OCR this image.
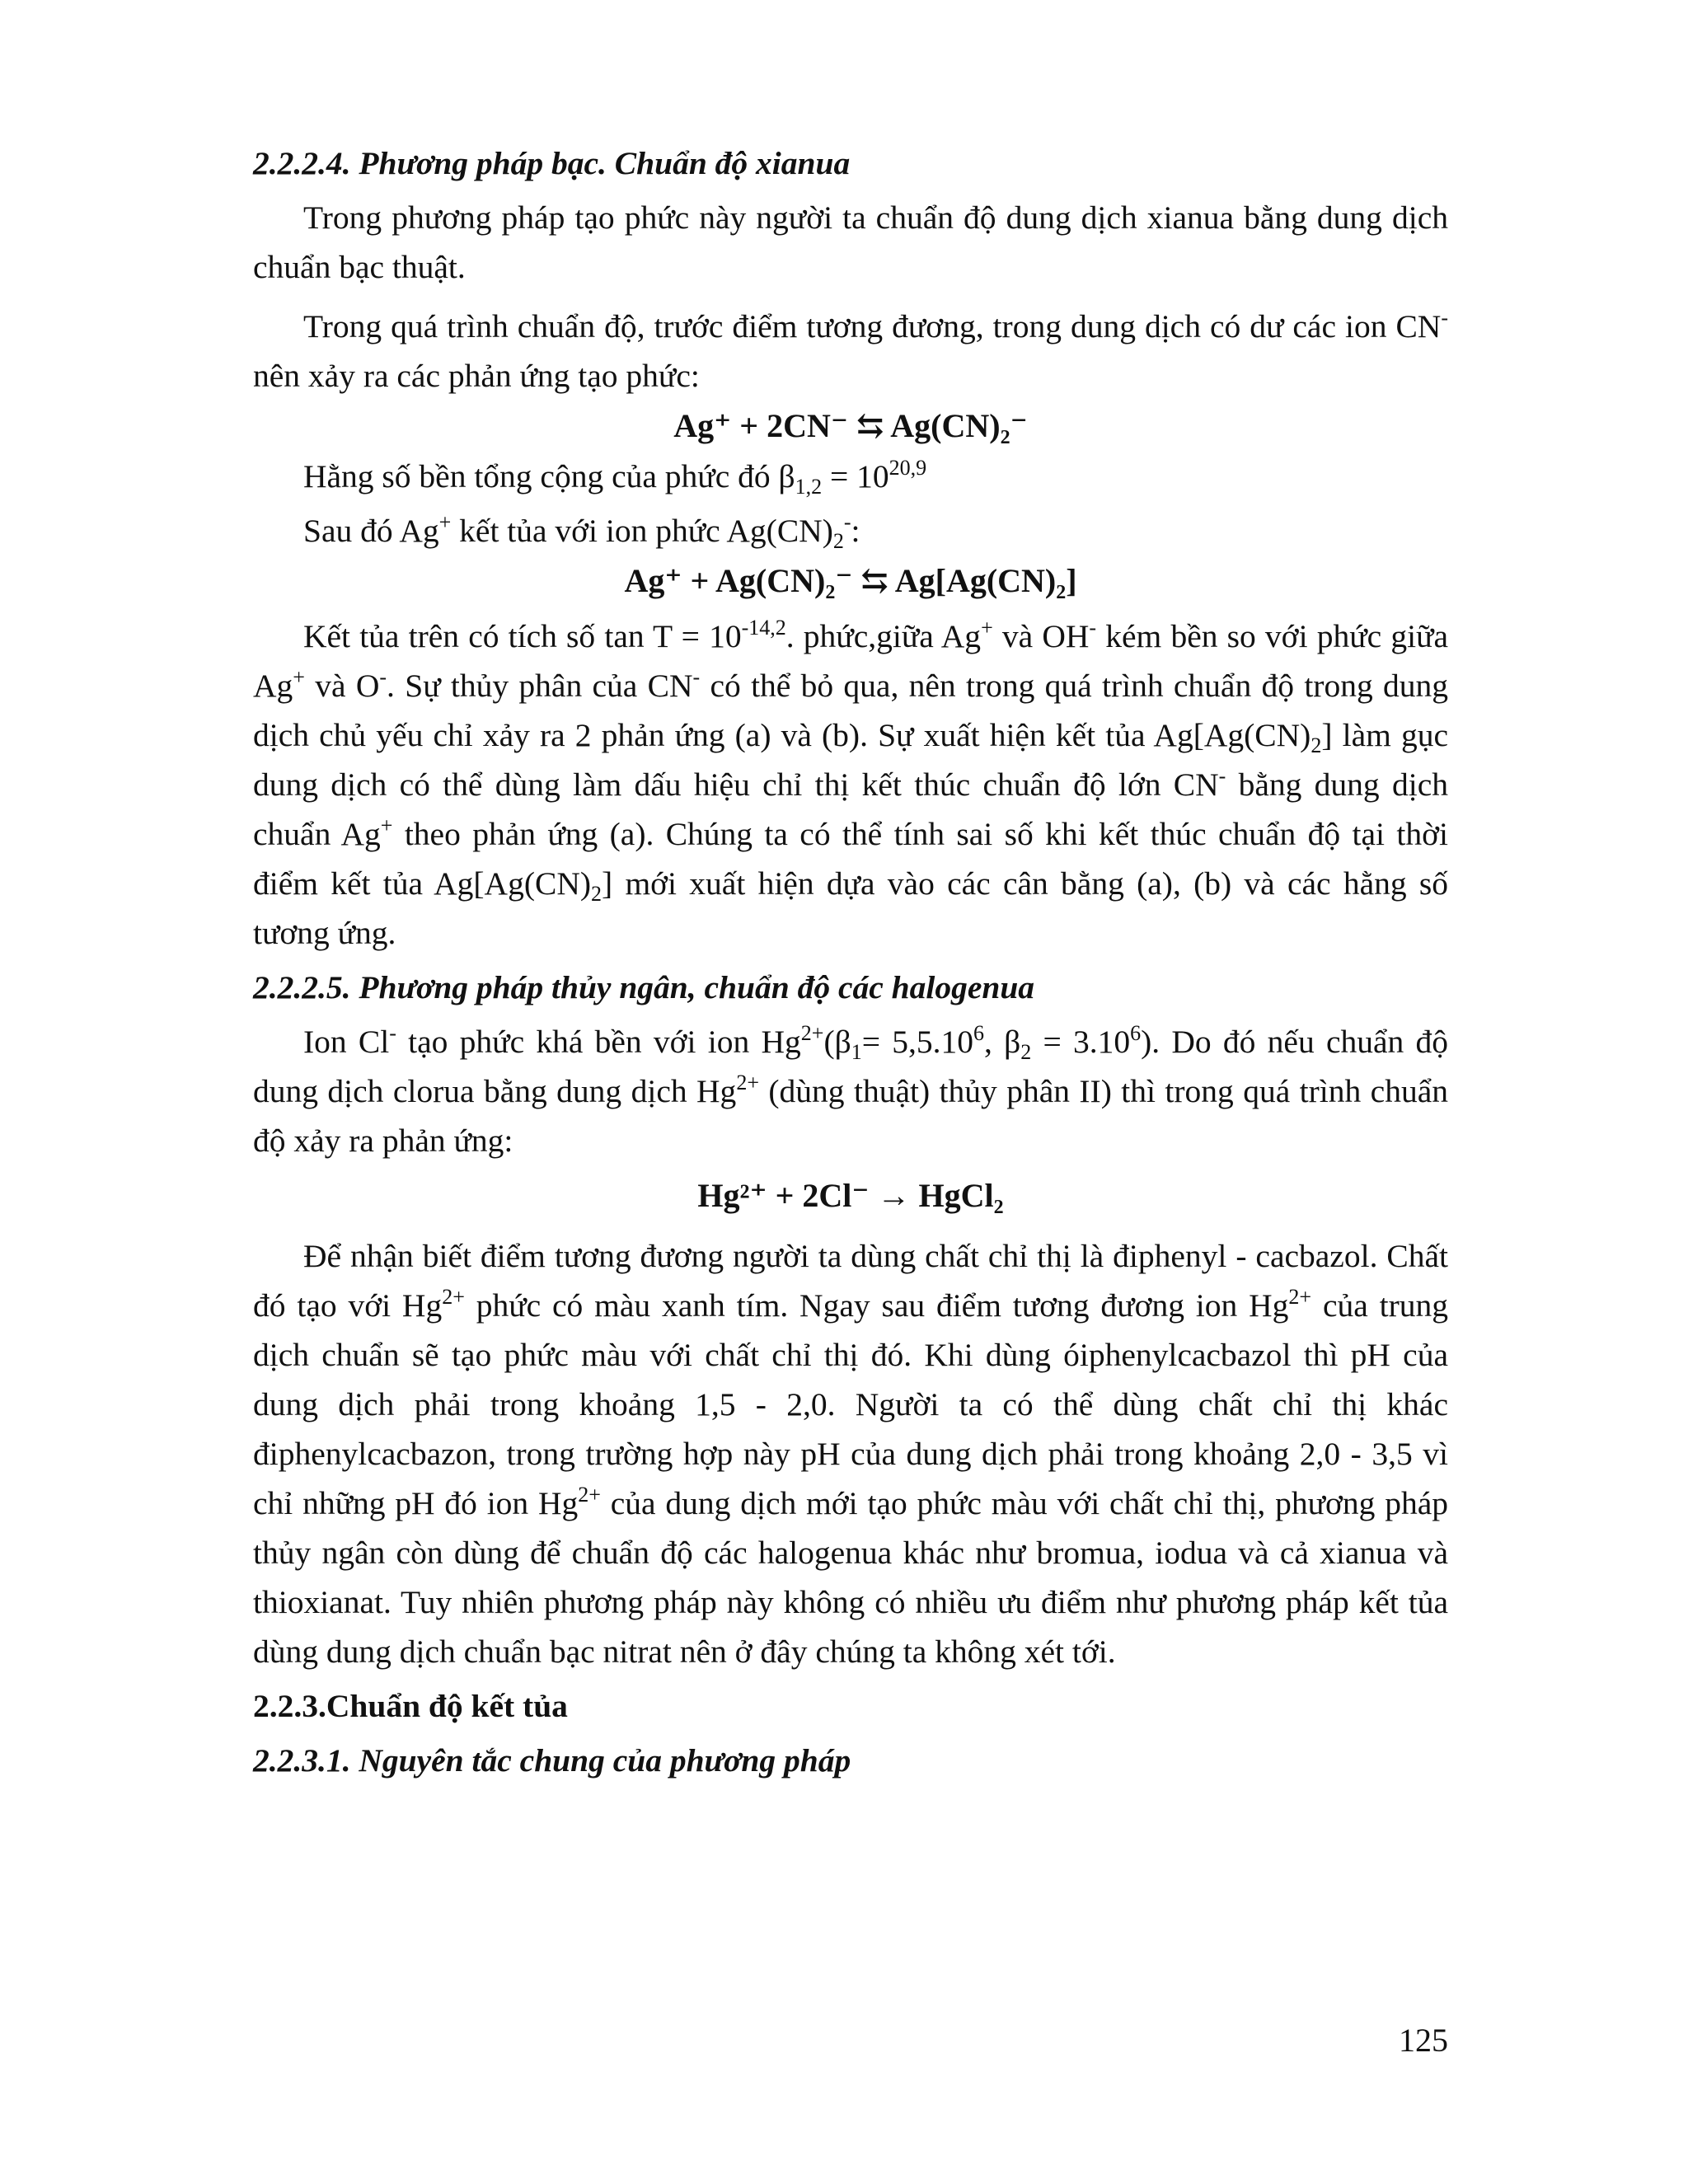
2.2.2.4. Phương pháp bạc. Chuẩn độ xianua

Trong phương pháp tạo phức này người ta chuẩn độ dung dịch xianua bằng dung dịch chuẩn bạc thuật.

Trong quá trình chuẩn độ, trước điểm tương đương, trong dung dịch có dư các ion CN- nên xảy ra các phản ứng tạo phức:

Ag⁺ + 2CN⁻ ⇆ Ag(CN)₂⁻

Hằng số bền tổng cộng của phức đó $\beta_{1,2} = 10^{20,9}$

Sau đó Ag+ kết tủa với ion phức $Ag(CN)_2^-$:

Ag⁺ + Ag(CN)₂⁻ ⇆ Ag[Ag(CN)₂]

Kết tủa trên có tích số $\tan T = 10^{-14,2}$. phức,giữa Ag+ và OH- kém bền so với phức giữa Ag+ và O-. Sự thủy phân của CN- có thể bỏ qua, nên trong quá trình chuẩn độ trong dung dịch chủ yếu chỉ xảy ra 2 phản ứng (a) và (b). Sự xuất hiện kết tủa $Ag[Ag(CN)_2]$ làm gục dung dịch có thể dùng làm dấu hiệu chỉ thị kết thúc chuẩn độ lớn CN- bằng dung dịch chuẩn Ag+ theo phản ứng (a). Chúng ta có thể tính sai số khi kết thúc chuẩn độ tại thời điểm kết tủa $Ag[Ag(CN)_2]$ mới xuất hiện dựa vào các cân bằng (a), (b) và các hằng số tương ứng.

2.2.2.5. Phương pháp thủy ngân, chuẩn độ các halogenua

Ion Cl- tạo phức khá bền với ion $Hg^{2+}(\beta_1= 5,5.10^6$, $\beta_2 = 3.10^6$). Do đó nếu chuẩn độ dung dịch clorua bằng dung dịch $Hg^{2+}$ (dùng thuật) thủy phân II) thì trong quá trình chuẩn độ xảy ra phản ứng:

Hg²⁺ + 2Cl⁻ → HgCl₂

Để nhận biết điểm tương đương người ta dùng chất chỉ thị là điphenyl - cacbazol. Chất đó tạo với $Hg^{2+}$ phức có màu xanh tím. Ngay sau điểm tương đương ion $Hg^{2+}$ của trung dịch chuẩn sẽ tạo phức màu với chất chỉ thị đó. Khi dùng óiphenylcacbazol thì pH của dung dịch phải trong khoảng 1,5 - 2,0. Người ta có thể dùng chất chỉ thị khác điphenylcacbazon, trong trường hợp này pH của dung dịch phải trong khoảng 2,0 - 3,5 vì chỉ những pH đó ion $Hg^{2+}$ của dung dịch mới tạo phức màu với chất chỉ thị, phương pháp thủy ngân còn dùng để chuẩn độ các halogenua khác như bromua, iodua và cả xianua và thioxianat. Tuy nhiên phương pháp này không có nhiều ưu điểm như phương pháp kết tủa dùng dung dịch chuẩn bạc nitrat nên ở đây chúng ta không xét tới.

2.2.3.Chuẩn độ kết tủa

2.2.3.1. Nguyên tắc chung của phương pháp

125
